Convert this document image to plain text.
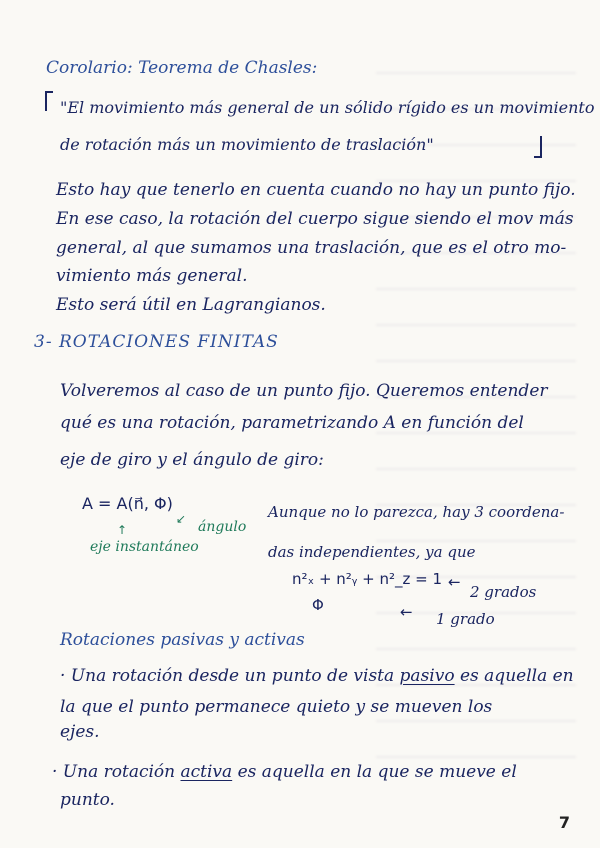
Corolario: Teorema de Chasles:
"El movimiento más general de un sólido rígido es un movimiento
de rotación más un movimiento de traslación"
Esto hay que tenerlo en cuenta cuando no hay un punto fijo.
En ese caso, la rotación del cuerpo sigue siendo el mov más
general, al que sumamos una traslación, que es el otro mo-
vimiento más general.
Esto será útil en Lagrangianos.
3- ROTACIONES FINITAS
Volveremos al caso de un punto fijo. Queremos entender
qué es una rotación, parametrizando A en función del
eje de giro y el ángulo de giro:
A = A(n⃗, Φ)
↙ ángulo
↑
eje instantáneo
Aunque no lo parezca, hay 3 coordena-
das independientes, ya que
n²ₓ + n²ᵧ + n²_z = 1 ←
2 grados
Φ	← 1 grado
Rotaciones pasivas y activas
· Una rotación desde un punto de vista pasivo es aquella en
la que el punto permanece quieto y se mueven los
ejes.
· Una rotación activa es aquella en la que se mueve el
punto.
7
